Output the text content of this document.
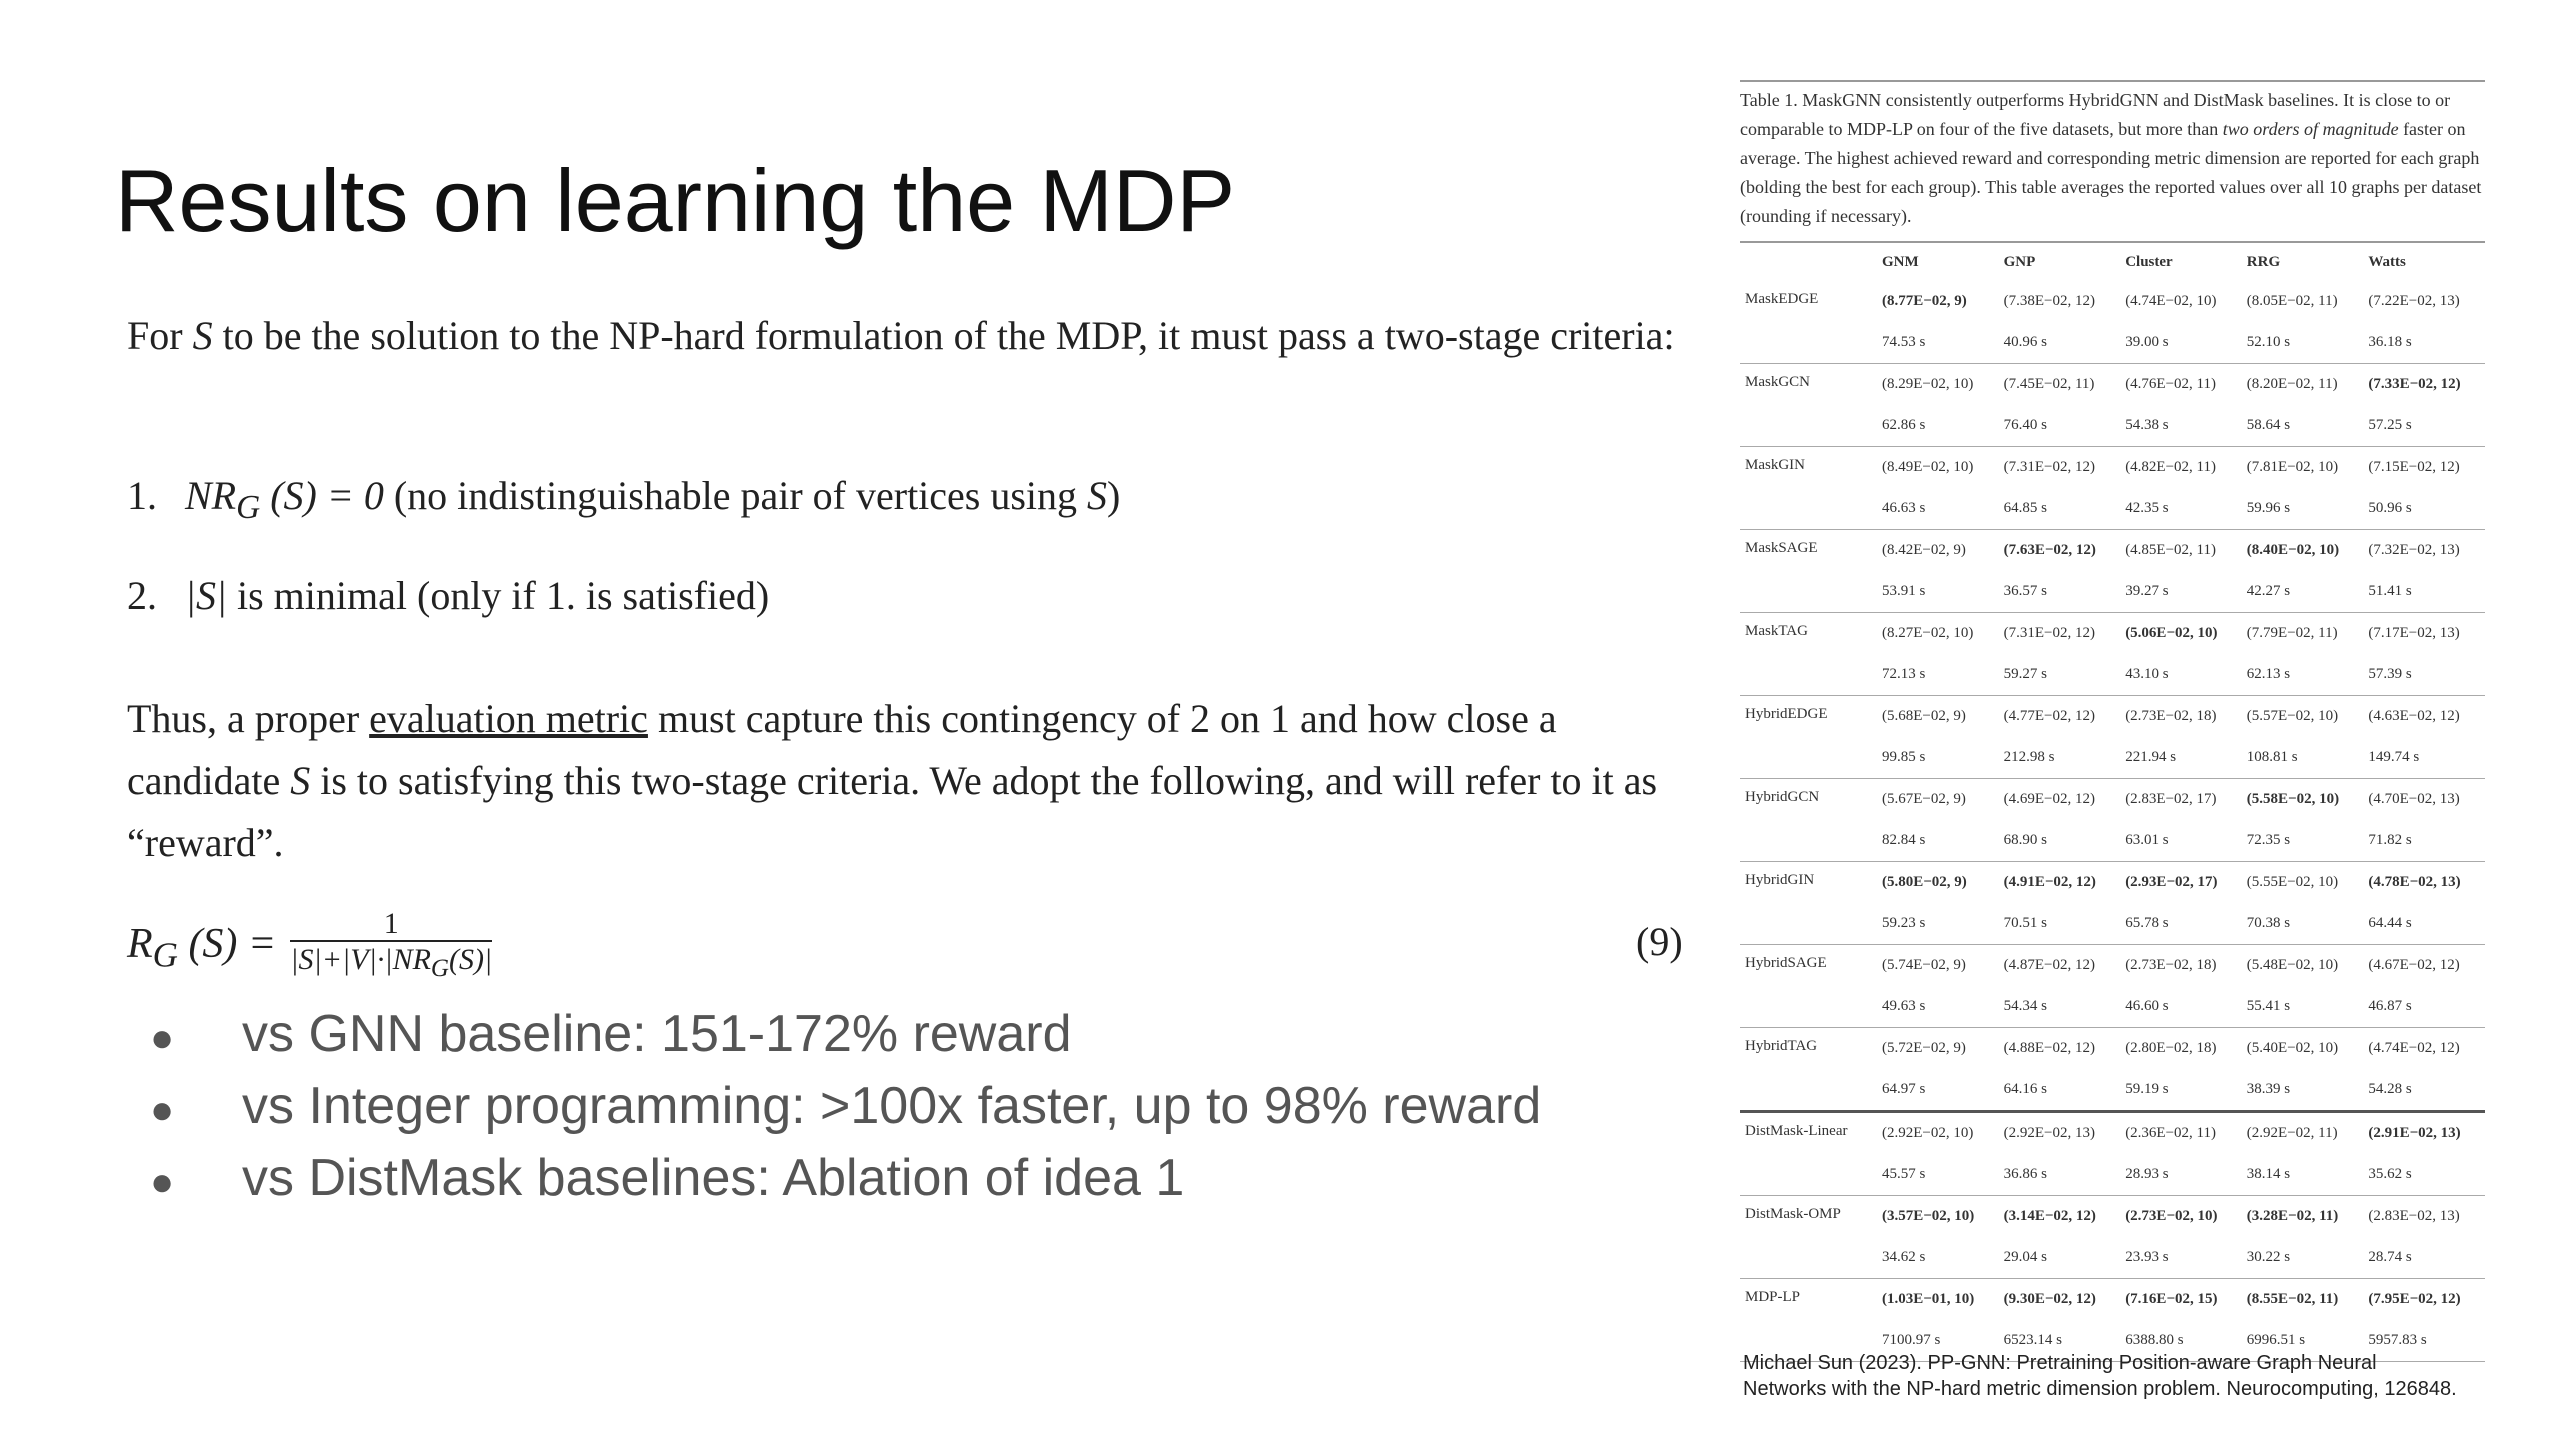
Results on learning the MDP
For S to be the solution to the NP-hard formulation of the MDP, it must pass a two-stage criteria:
1. $NR_G$ (S) = 0 (no indistinguishable pair of vertices using S)
2. |S| is minimal (only if 1. is satisfied)
Thus, a proper evaluation metric must capture this contingency of 2 on 1 and how close a candidate S is to satisfying this two-stage criteria. We adopt the following, and will refer to it as “reward”.
$R_G$ $(S) = \frac{1}{|S|+|V|\cdot|NR_G(S)|}$	(9)
● vs GNN baseline: 151-172% reward
● vs Integer programming: >100x faster, up to 98% reward
● vs DistMask baselines: Ablation of idea 1
Table 1. MaskGNN consistently outperforms HybridGNN and DistMask baselines. It is close to or comparable to MDP-LP on four of the five datasets, but more than two orders of magnitude faster on average. The highest achieved reward and corresponding metric dimension are reported for each graph (bolding the best for each group). This table averages the reported values over all 10 graphs per dataset (rounding if necessary).
	GNM	GNP	Cluster	RRG	Watts
MaskEDGE	(8.77E−02, 9)	(7.38E−02, 12)	(4.74E−02, 10)	(8.05E−02, 11)	(7.22E−02, 13)
	74.53 s	40.96 s	39.00 s	52.10 s	36.18 s
MaskGCN	(8.29E−02, 10)	(7.45E−02, 11)	(4.76E−02, 11)	(8.20E−02, 11)	(7.33E−02, 12)
	62.86 s	76.40 s	54.38 s	58.64 s	57.25 s
MaskGIN	(8.49E−02, 10)	(7.31E−02, 12)	(4.82E−02, 11)	(7.81E−02, 10)	(7.15E−02, 12)
	46.63 s	64.85 s	42.35 s	59.96 s	50.96 s
MaskSAGE	(8.42E−02, 9)	(7.63E−02, 12)	(4.85E−02, 11)	(8.40E−02, 10)	(7.32E−02, 13)
	53.91 s	36.57 s	39.27 s	42.27 s	51.41 s
MaskTAG	(8.27E−02, 10)	(7.31E−02, 12)	(5.06E−02, 10)	(7.79E−02, 11)	(7.17E−02, 13)
	72.13 s	59.27 s	43.10 s	62.13 s	57.39 s
HybridEDGE	(5.68E−02, 9)	(4.77E−02, 12)	(2.73E−02, 18)	(5.57E−02, 10)	(4.63E−02, 12)
	99.85 s	212.98 s	221.94 s	108.81 s	149.74 s
HybridGCN	(5.67E−02, 9)	(4.69E−02, 12)	(2.83E−02, 17)	(5.58E−02, 10)	(4.70E−02, 13)
	82.84 s	68.90 s	63.01 s	72.35 s	71.82 s
HybridGIN	(5.80E−02, 9)	(4.91E−02, 12)	(2.93E−02, 17)	(5.55E−02, 10)	(4.78E−02, 13)
	59.23 s	70.51 s	65.78 s	70.38 s	64.44 s
HybridSAGE	(5.74E−02, 9)	(4.87E−02, 12)	(2.73E−02, 18)	(5.48E−02, 10)	(4.67E−02, 12)
	49.63 s	54.34 s	46.60 s	55.41 s	46.87 s
HybridTAG	(5.72E−02, 9)	(4.88E−02, 12)	(2.80E−02, 18)	(5.40E−02, 10)	(4.74E−02, 12)
	64.97 s	64.16 s	59.19 s	38.39 s	54.28 s
DistMask-Linear	(2.92E−02, 10)	(2.92E−02, 13)	(2.36E−02, 11)	(2.92E−02, 11)	(2.91E−02, 13)
	45.57 s	36.86 s	28.93 s	38.14 s	35.62 s
DistMask-OMP	(3.57E−02, 10)	(3.14E−02, 12)	(2.73E−02, 10)	(3.28E−02, 11)	(2.83E−02, 13)
	34.62 s	29.04 s	23.93 s	30.22 s	28.74 s
MDP-LP	(1.03E−01, 10)	(9.30E−02, 12)	(7.16E−02, 15)	(8.55E−02, 11)	(7.95E−02, 12)
	7100.97 s	6523.14 s	6388.80 s	6996.51 s	5957.83 s
Michael Sun (2023). PP-GNN: Pretraining Position-aware Graph Neural Networks with the NP-hard metric dimension problem. Neurocomputing, 126848.
